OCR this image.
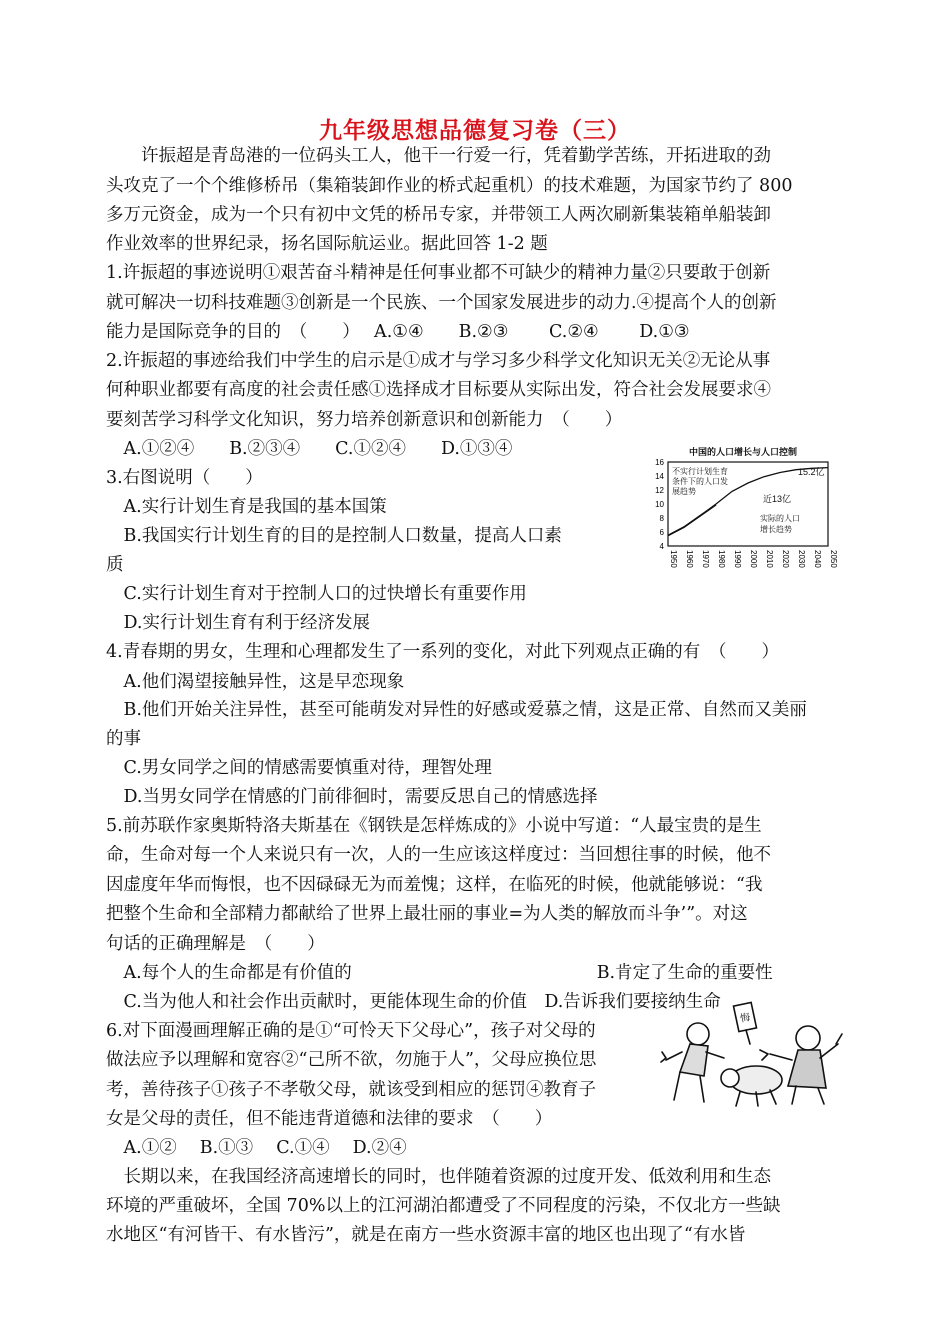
九年级思想品德复习卷（三）
　　许振超是青岛港的一位码头工人，他干一行爱一行，凭着勤学苦练，开拓进取的劲
头攻克了一个个维修桥吊（集箱装卸作业的桥式起重机）的技术难题，为国家节约了 800
多万元资金，成为一个只有初中文凭的桥吊专家，并带领工人两次刷新集装箱单船装卸
作业效率的世界纪录，扬名国际航运业。据此回答 1-2 题
1.许振超的事迹说明①艰苦奋斗精神是任何事业都不可缺少的精神力量②只要敢于创新
就可解决一切科技难题③创新是一个民族、一个国家发展进步的动力.④提高个人的创新
能力是国际竞争的目的　（　　）　 A.①④　　B.②③　　 C.②④　　 D.①③
2.许振超的事迹给我们中学生的启示是①成才与学习多少科学文化知识无关②无论从事
何种职业都要有高度的社会责任感①选择成才目标要从实际出发，符合社会发展要求④
要刻苦学习科学文化知识，努力培养创新意识和创新能力　（　　）
　A.①②④　　B.②③④　　C.①②④　　D.①③④
3.右图说明（　　）
　A.实行计划生育是我国的基本国策
　B.我国实行计划生育的目的是控制人口数量，提高人口素
质
　C.实行计划生育对于控制人口的过快增长有重要作用
　D.实行计划生育有利于经济发展
4.青春期的男女，生理和心理都发生了一系列的变化，对此下列观点正确的有　（　　）
　A.他们渴望接触异性，这是早恋现象
　B.他们开始关注异性，甚至可能萌发对异性的好感或爱慕之情，这是正常、自然而又美丽
的事
　C.男女同学之间的情感需要慎重对待，理智处理
　D.当男女同学在情感的门前徘徊时，需要反思自己的情感选择
5.前苏联作家奥斯特洛夫斯基在《钢铁是怎样炼成的》小说中写道：“人最宝贵的是生
命，生命对每一个人来说只有一次，人的一生应该这样度过：当回想往事的时候，他不
因虚度年华而悔恨，也不因碌碌无为而羞愧；这样，在临死的时候，他就能够说：“我
把整个生命和全部精力都献给了世界上最壮丽的事业=为人类的解放而斗争’”。对这
句话的正确理解是　（　　）
　A.每个人的生命都是有价值的　　　　　　　　　　　　　　B.肯定了生命的重要性
　C.当为他人和社会作出贡献时，更能体现生命的价值　D.告诉我们要接纳生命
6.对下面漫画理解正确的是①“可怜天下父母心”，孩子对父母的
做法应予以理解和宽容②“己所不欲，勿施于人”，父母应换位思
考，善待孩子①孩子不孝敬父母，就该受到相应的惩罚④教育子
女是父母的责任，但不能违背道德和法律的要求　（　　）
　A.①②　 B.①③　 C.①④　 D.②④
　长期以来，在我国经济高速增长的同时，也伴随着资源的过度开发、低效利用和生态
环境的严重破坏，全国 70%以上的江河湖泊都遭受了不同程度的污染，不仅北方一些缺
水地区“有河皆干、有水皆污”，就是在南方一些水资源丰富的地区也出现了“有水皆
中国的人口增长与人口控制
4
6
8
10
12
14
16
1950 1960 1970 1980 1990 2000 2010 2020 2030 2040 2050
不实行计划生育
条件下的人口发
展趋势
15.2亿
近13亿
实际的人口
增长趋势
悔
